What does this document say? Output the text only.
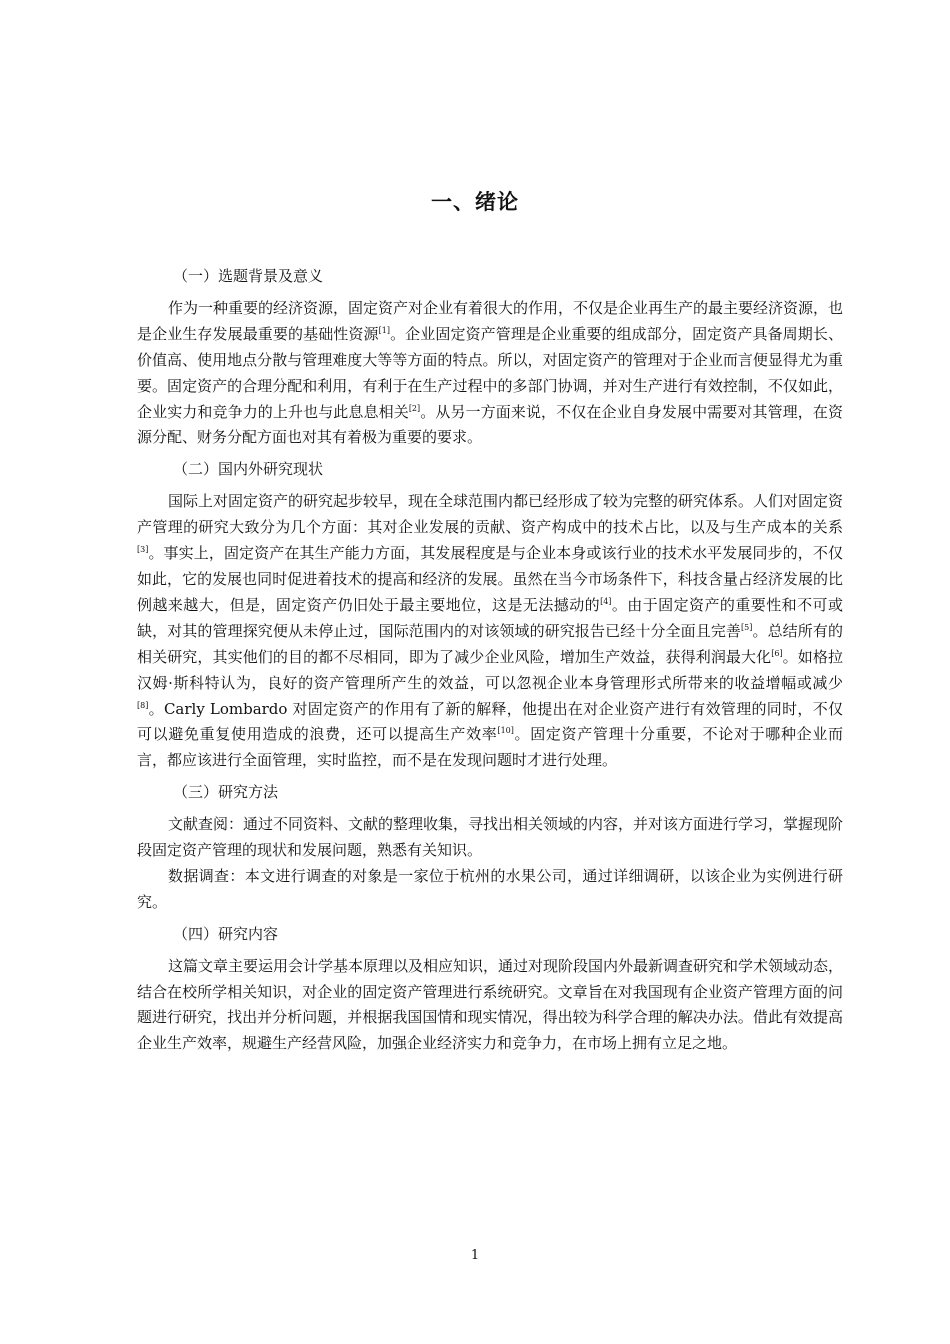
一、绪论

（一）选题背景及意义

作为一种重要的经济资源，固定资产对企业有着很大的作用，不仅是企业再生产的最主要经济资源，也是企业生存发展最重要的基础性资源[1]。企业固定资产管理是企业重要的组成部分，固定资产具备周期长、价值高、使用地点分散与管理难度大等等方面的特点。所以，对固定资产的管理对于企业而言便显得尤为重要。固定资产的合理分配和利用，有利于在生产过程中的多部门协调，并对生产进行有效控制，不仅如此，企业实力和竞争力的上升也与此息息相关[2]。从另一方面来说，不仅在企业自身发展中需要对其管理，在资源分配、财务分配方面也对其有着极为重要的要求。

（二）国内外研究现状

国际上对固定资产的研究起步较早，现在全球范围内都已经形成了较为完整的研究体系。人们对固定资产管理的研究大致分为几个方面：其对企业发展的贡献、资产构成中的技术占比，以及与生产成本的关系[3]。事实上，固定资产在其生产能力方面，其发展程度是与企业本身或该行业的技术水平发展同步的，不仅如此，它的发展也同时促进着技术的提高和经济的发展。虽然在当今市场条件下，科技含量占经济发展的比例越来越大，但是，固定资产仍旧处于最主要地位，这是无法撼动的[4]。由于固定资产的重要性和不可或缺，对其的管理探究便从未停止过，国际范围内的对该领域的研究报告已经十分全面且完善[5]。总结所有的相关研究，其实他们的目的都不尽相同，即为了减少企业风险，增加生产效益，获得利润最大化[6]。如格拉汉姆·斯科特认为，良好的资产管理所产生的效益，可以忽视企业本身管理形式所带来的收益增幅或减少[8]。Carly Lombardo 对固定资产的作用有了新的解释，他提出在对企业资产进行有效管理的同时，不仅可以避免重复使用造成的浪费，还可以提高生产效率[10]。固定资产管理十分重要，不论对于哪种企业而言，都应该进行全面管理，实时监控，而不是在发现问题时才进行处理。

（三）研究方法

文献查阅：通过不同资料、文献的整理收集，寻找出相关领域的内容，并对该方面进行学习，掌握现阶段固定资产管理的现状和发展问题，熟悉有关知识。

数据调查：本文进行调查的对象是一家位于杭州的水果公司，通过详细调研，以该企业为实例进行研究。

（四）研究内容

这篇文章主要运用会计学基本原理以及相应知识，通过对现阶段国内外最新调查研究和学术领域动态，结合在校所学相关知识，对企业的固定资产管理进行系统研究。文章旨在对我国现有企业资产管理方面的问题进行研究，找出并分析问题，并根据我国国情和现实情况，得出较为科学合理的解决办法。借此有效提高企业生产效率，规避生产经营风险，加强企业经济实力和竞争力，在市场上拥有立足之地。

1
